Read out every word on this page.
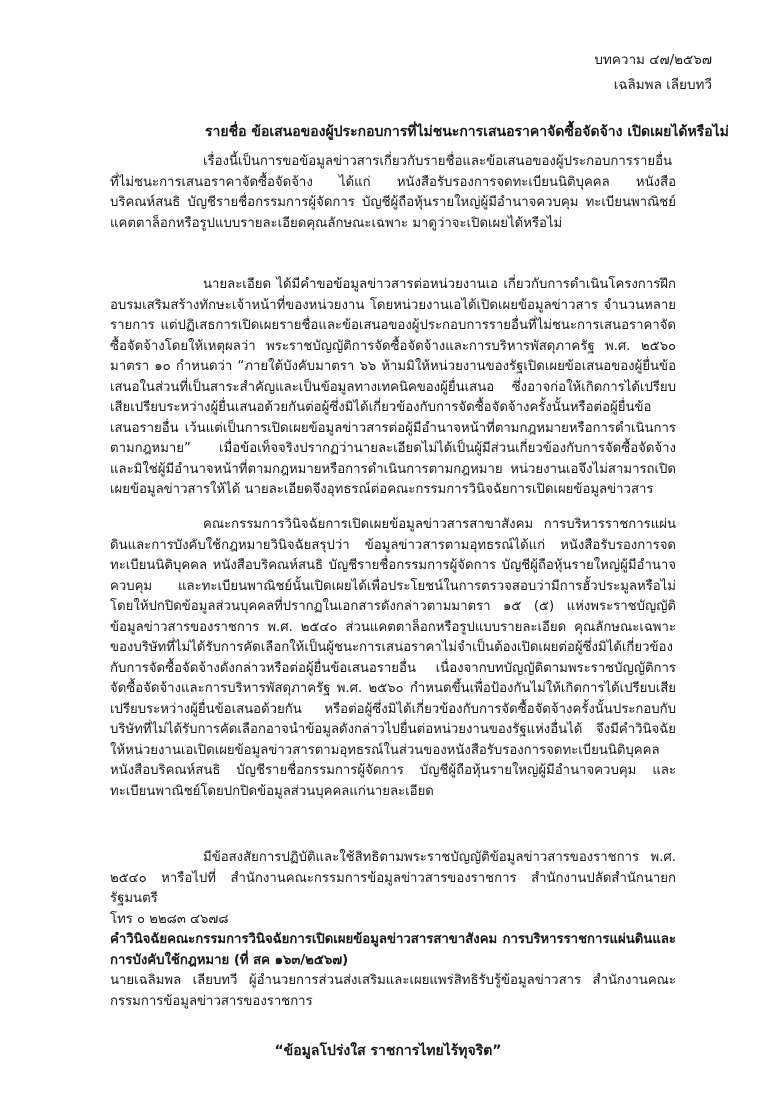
บทความ ๔๗/๒๕๖๗
เฉลิมพล เลียบทวี
รายชื่อ ข้อเสนอของผู้ประกอบการที่ไม่ชนะการเสนอราคาจัดซื้อจัดจ้าง เปิดเผยได้หรือไม่

เรื่องนี้เป็นการขอข้อมูลข่าวสารเกี่ยวกับรายชื่อและข้อเสนอของผู้ประกอบการรายอื่นที่ไม่ชนะการเสนอราคาจัดซื้อจัดจ้าง ได้แก่ หนังสือรับรองการจดทะเบียนนิติบุคคล หนังสือบริคณห์สนธิ บัญชีรายชื่อกรรมการผู้จัดการ บัญชีผู้ถือหุ้นรายใหญ่ผู้มีอำนาจควบคุม ทะเบียนพาณิชย์ แคตตาล็อกหรือรูปแบบรายละเอียดคุณลักษณะเฉพาะ มาดูว่าจะเปิดเผยได้หรือไม่

นายละเอียด ได้มีคำขอข้อมูลข่าวสารต่อหน่วยงานเอ เกี่ยวกับการดำเนินโครงการฝึกอบรมเสริมสร้างทักษะเจ้าหน้าที่ของหน่วยงาน โดยหน่วยงานเอได้เปิดเผยข้อมูลข่าวสาร จำนวนหลายรายการ แต่ปฏิเสธการเปิดเผยรายชื่อและข้อเสนอของผู้ประกอบการรายอื่นที่ไม่ชนะการเสนอราคาจัดซื้อจัดจ้างโดยให้เหตุผลว่า พระราชบัญญัติการจัดซื้อจัดจ้างและการบริหารพัสดุภาครัฐ พ.ศ. ๒๕๖๐ มาตรา ๑๐ กำหนดว่า “ภายใต้บังคับมาตรา ๖๖ ห้ามมิให้หน่วยงานของรัฐเปิดเผยข้อเสนอของผู้ยื่นข้อเสนอในส่วนที่เป็นสาระสำคัญและเป็นข้อมูลทางเทคนิคของผู้ยื่นเสนอ ซึ่งอาจก่อให้เกิดการได้เปรียบเสียเปรียบระหว่างผู้ยื่นเสนอด้วยกันต่อผู้ซึ่งมิได้เกี่ยวข้องกับการจัดซื้อจัดจ้างครั้งนั้นหรือต่อผู้ยื่นข้อเสนอรายอื่น เว้นแต่เป็นการเปิดเผยข้อมูลข่าวสารต่อผู้มีอำนาจหน้าที่ตามกฎหมายหรือการดำเนินการตามกฎหมาย” เมื่อข้อเท็จจริงปรากฏว่านายละเอียดไม่ได้เป็นผู้มีส่วนเกี่ยวข้องกับการจัดซื้อจัดจ้าง และมิใช่ผู้มีอำนาจหน้าที่ตามกฎหมายหรือการดำเนินการตามกฎหมาย หน่วยงานเอจึงไม่สามารถเปิดเผยข้อมูลข่าวสารให้ได้ นายละเอียดจึงอุทธรณ์ต่อคณะกรรมการวินิจฉัยการเปิดเผยข้อมูลข่าวสาร

คณะกรรมการวินิจฉัยการเปิดเผยข้อมูลข่าวสารสาขาสังคม การบริหารราชการแผ่นดินและการบังคับใช้กฎหมายวินิจฉัยสรุปว่า ข้อมูลข่าวสารตามอุทธรณ์ได้แก่ หนังสือรับรองการจดทะเบียนนิติบุคคล หนังสือบริคณห์สนธิ บัญชีรายชื่อกรรมการผู้จัดการ บัญชีผู้ถือหุ้นรายใหญ่ผู้มีอำนาจควบคุม และทะเบียนพาณิชย์นั้นเปิดเผยได้เพื่อประโยชน์ในการตรวจสอบว่ามีการฮั้วประมูลหรือไม่ โดยให้ปกปิดข้อมูลส่วนบุคคลที่ปรากฏในเอกสารดังกล่าวตามมาตรา ๑๕ (๕) แห่งพระราชบัญญัติข้อมูลข่าวสารของราชการ พ.ศ. ๒๕๔๐ ส่วนแคตตาล็อกหรือรูปแบบรายละเอียด คุณลักษณะเฉพาะของบริษัทที่ไม่ได้รับการคัดเลือกให้เป็นผู้ชนะการเสนอราคาไม่จำเป็นต้องเปิดเผยต่อผู้ซึ่งมิได้เกี่ยวข้องกับการจัดซื้อจัดจ้างดังกล่าวหรือต่อผู้ยื่นข้อเสนอรายอื่น เนื่องจากบทบัญญัติตามพระราชบัญญัติการจัดซื้อจัดจ้างและการบริหารพัสดุภาครัฐ พ.ศ. ๒๕๖๐ กำหนดขึ้นเพื่อป้องกันไม่ให้เกิดการได้เปรียบเสียเปรียบระหว่างผู้ยื่นข้อเสนอด้วยกัน หรือต่อผู้ซึ่งมิได้เกี่ยวข้องกับการจัดซื้อจัดจ้างครั้งนั้นประกอบกับบริษัทที่ไม่ได้รับการคัดเลือกอาจนำข้อมูลดังกล่าวไปยื่นต่อหน่วยงานของรัฐแห่งอื่นได้ จึงมีคำวินิจฉัยให้หน่วยงานเอเปิดเผยข้อมูลข่าวสารตามอุทธรณ์ในส่วนของหนังสือรับรองการจดทะเบียนนิติบุคคล หนังสือบริคณห์สนธิ บัญชีรายชื่อกรรมการผู้จัดการ บัญชีผู้ถือหุ้นรายใหญ่ผู้มีอำนาจควบคุม และทะเบียนพาณิชย์โดยปกปิดข้อมูลส่วนบุคคลแก่นายละเอียด

มีข้อสงสัยการปฏิบัติและใช้สิทธิตามพระราชบัญญัติข้อมูลข่าวสารของราชการ พ.ศ. ๒๕๔๐ หารือไปที่ สำนักงานคณะกรรมการข้อมูลข่าวสารของราชการ สำนักงานปลัดสำนักนายกรัฐมนตรี
โทร ๐ ๒๒๘๓ ๔๖๗๘
คำวินิจฉัยคณะกรรมการวินิจฉัยการเปิดเผยข้อมูลข่าวสารสาขาสังคม การบริหารราชการแผ่นดินและการบังคับใช้กฎหมาย (ที่ สค ๑๖๓/๒๕๖๗)
นายเฉลิมพล เลียบทวี ผู้อำนวยการส่วนส่งเสริมและเผยแพร่สิทธิรับรู้ข้อมูลข่าวสาร สำนักงานคณะกรรมการข้อมูลข่าวสารของราชการ
“ข้อมูลโปร่งใส ราชการไทยไร้ทุจริต”
